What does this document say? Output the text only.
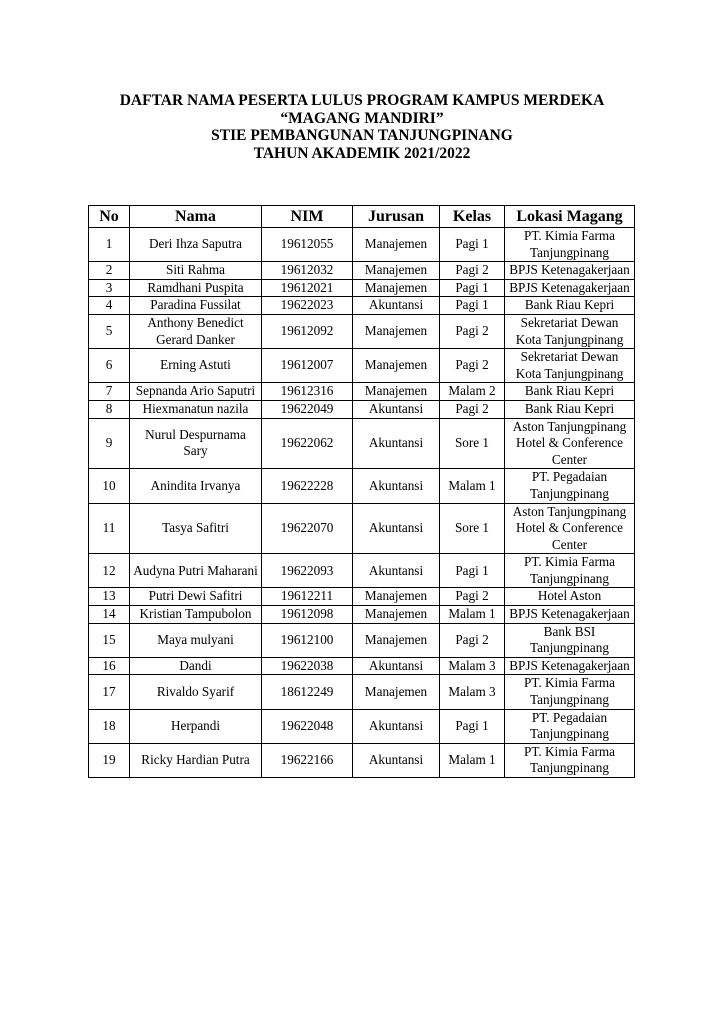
DAFTAR NAMA PESERTA LULUS PROGRAM KAMPUS MERDEKA
“MAGANG MANDIRI”
STIE PEMBANGUNAN TANJUNGPINANG
TAHUN AKADEMIK 2021/2022
No	Nama	NIM	Jurusan	Kelas	Lokasi Magang
1	Deri Ihza Saputra	19612055	Manajemen	Pagi 1	PT. Kimia Farma Tanjungpinang
2	Siti Rahma	19612032	Manajemen	Pagi 2	BPJS Ketenagakerjaan
3	Ramdhani Puspita	19612021	Manajemen	Pagi 1	BPJS Ketenagakerjaan
4	Paradina Fussilat	19622023	Akuntansi	Pagi 1	Bank Riau Kepri
5	Anthony Benedict Gerard Danker	19612092	Manajemen	Pagi 2	Sekretariat Dewan Kota Tanjungpinang
6	Erning Astuti	19612007	Manajemen	Pagi 2	Sekretariat Dewan Kota Tanjungpinang
7	Sepnanda Ario Saputri	19612316	Manajemen	Malam 2	Bank Riau Kepri
8	Hiexmanatun nazila	19622049	Akuntansi	Pagi 2	Bank Riau Kepri
9	Nurul Despurnama Sary	19622062	Akuntansi	Sore 1	Aston Tanjungpinang Hotel & Conference Center
10	Anindita Irvanya	19622228	Akuntansi	Malam 1	PT. Pegadaian Tanjungpinang
11	Tasya Safitri	19622070	Akuntansi	Sore 1	Aston Tanjungpinang Hotel & Conference Center
12	Audyna Putri Maharani	19622093	Akuntansi	Pagi 1	PT. Kimia Farma Tanjungpinang
13	Putri Dewi Safitri	19612211	Manajemen	Pagi 2	Hotel Aston
14	Kristian Tampubolon	19612098	Manajemen	Malam 1	BPJS Ketenagakerjaan
15	Maya mulyani	19612100	Manajemen	Pagi 2	Bank BSI Tanjungpinang
16	Dandi	19622038	Akuntansi	Malam 3	BPJS Ketenagakerjaan
17	Rivaldo Syarif	18612249	Manajemen	Malam 3	PT. Kimia Farma Tanjungpinang
18	Herpandi	19622048	Akuntansi	Pagi 1	PT. Pegadaian Tanjungpinang
19	Ricky Hardian Putra	19622166	Akuntansi	Malam 1	PT. Kimia Farma Tanjungpinang
